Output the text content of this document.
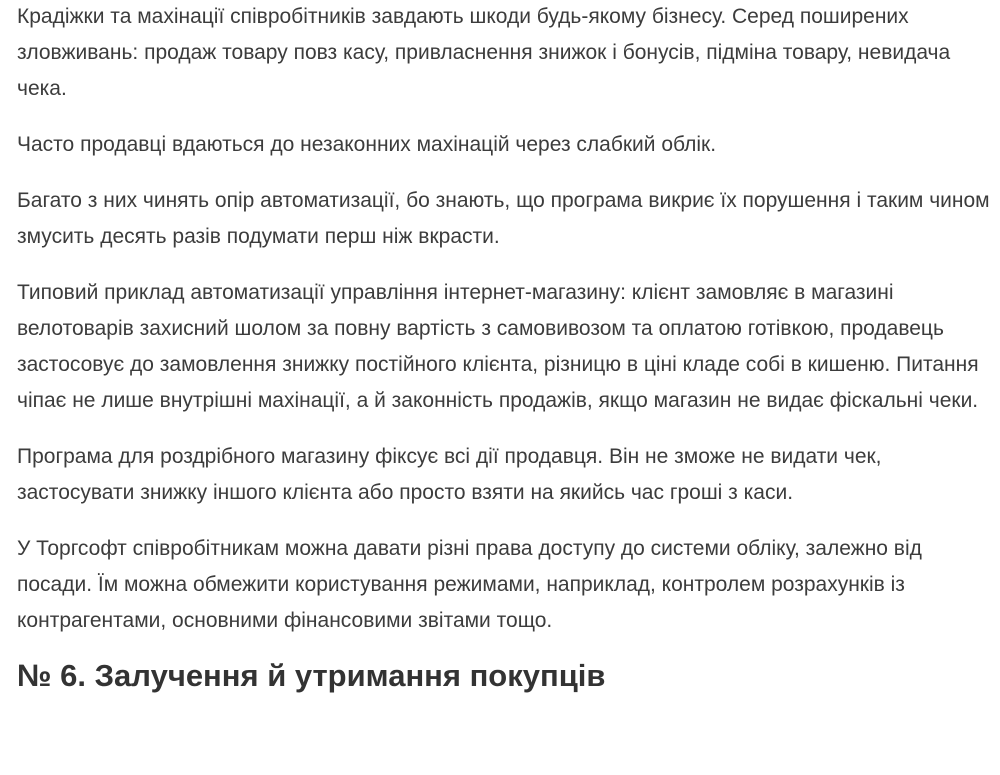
Крадіжки та махінації співробітників завдають шкоди будь-якому бізнесу. Серед поширених зловживань: продаж товару повз касу, привласнення знижок і бонусів, підміна товару, невидача чека.

Часто продавці вдаються до незаконних махінацій через слабкий облік.

Багато з них чинять опір автоматизації, бо знають, що програма викриє їх порушення і таким чином змусить десять разів подумати перш ніж вкрасти.

Типовий приклад автоматизації управління інтернет-магазину: клієнт замовляє в магазині велотоварів захисний шолом за повну вартість з самовивозом та оплатою готівкою, продавець застосовує до замовлення знижку постійного клієнта, різницю в ціні кладе собі в кишеню. Питання чіпає не лише внутрішні махінації, а й законність продажів, якщо магазин не видає фіскальні чеки.

Програма для роздрібного магазину фіксує всі дії продавця. Він не зможе не видати чек, застосувати знижку іншого клієнта або просто взяти на якийсь час гроші з каси.

У Торгсофт співробітникам можна давати різні права доступу до системи обліку, залежно від посади. Їм можна обмежити користування режимами, наприклад, контролем розрахунків із контрагентами, основними фінансовими звітами тощо.

№ 6. Залучення й утримання покупців
